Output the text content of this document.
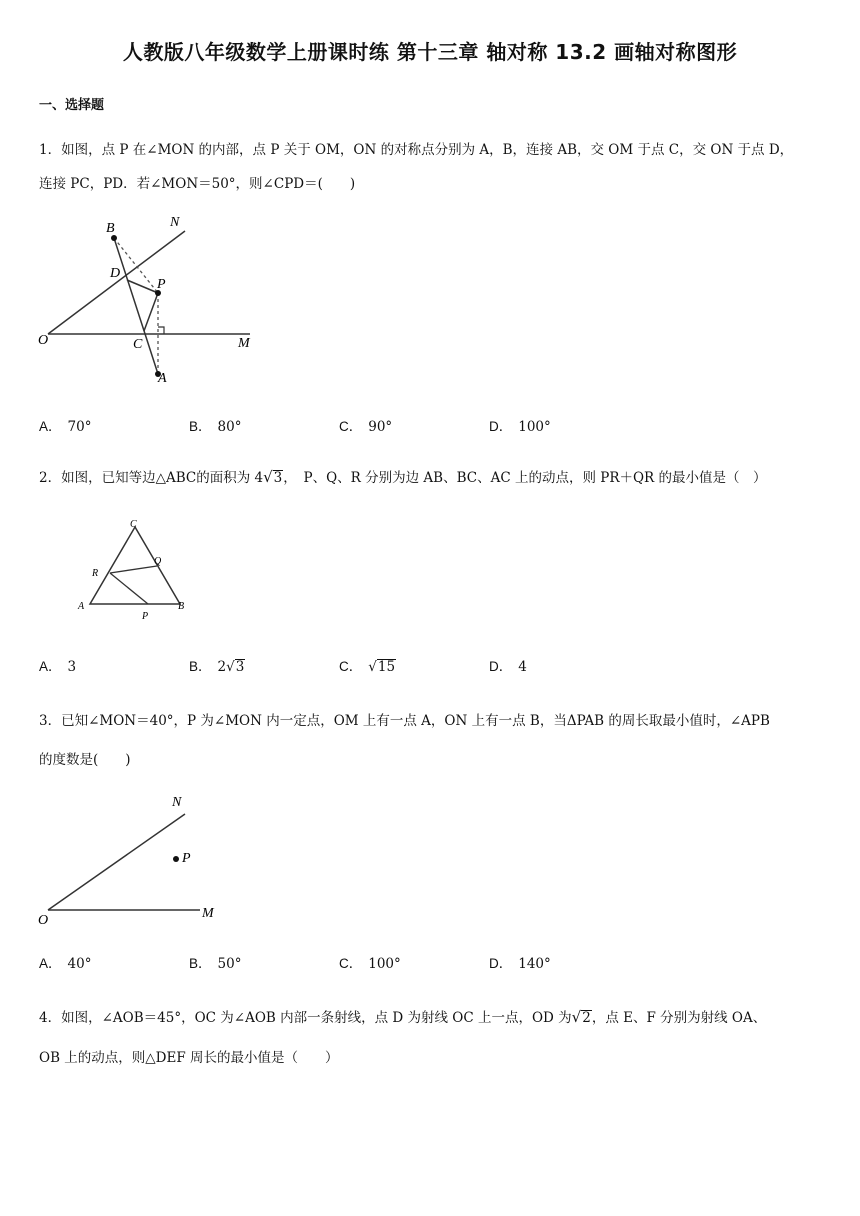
人教版八年级数学上册课时练 第十三章 轴对称 13.2 画轴对称图形
一、选择题
1．如图，点 P 在∠MON 的内部，点 P 关于 OM，ON 的对称点分别为 A，B，连接 AB，交 OM 于点 C，交 ON 于点 D，
连接 PC，PD．若∠MON＝50°，则∠CPD＝(　　)
B	N
D
P
O	C	M
A
A． 70°	B． 80°	C． 90°	D． 100°
2．如图，已知等边△ABC的面积为 4√3，　P、Q、R 分别为边 AB、BC、AC 上的动点，则 PR＋QR 的最小值是（　）
C
Q
R
A	B
P
A． 3	B． 2√3	C． √15	D． 4
3．已知∠MON＝40°，P 为∠MON 内一定点，OM 上有一点 A，ON 上有一点 B，当ΔPAB 的周长取最小值时，∠APB
的度数是(　　)
N
P
O	M
A． 40°	B． 50°	C． 100°	D． 140°
4．如图，∠AOB＝45°，OC 为∠AOB 内部一条射线，点 D 为射线 OC 上一点，OD 为√2，点 E、F 分别为射线 OA、
OB 上的动点，则△DEF 周长的最小值是（　　）
